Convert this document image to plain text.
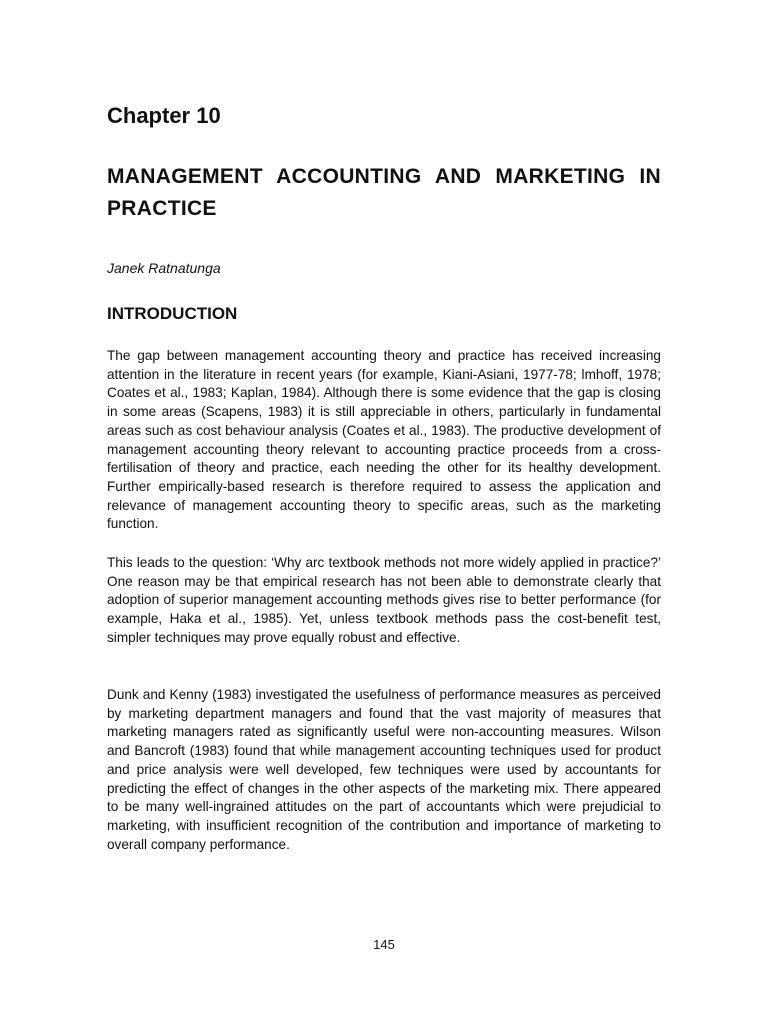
Chapter 10
MANAGEMENT ACCOUNTING AND MARKETING IN PRACTICE

Janek Ratnatunga

INTRODUCTION

The gap between management accounting theory and practice has received increasing attention in the literature in recent years (for example, Kiani-Asiani, 1977-78; lmhoff, 1978; Coates et al., 1983; Kaplan, 1984). Although there is some evidence that the gap is closing in some areas (Scapens, 1983) it is still appreciable in others, particularly in fundamental areas such as cost behaviour analysis (Coates et al., 1983). The productive development of management accounting theory relevant to accounting practice proceeds from a cross-fertilisation of theory and practice, each needing the other for its healthy development. Further empirically-based research is therefore required to assess the application and relevance of management accounting theory to specific areas, such as the marketing function.

This leads to the question: ‘Why arc textbook methods not more widely applied in practice?’ One reason may be that empirical research has not been able to demonstrate clearly that adoption of superior management accounting methods gives rise to better performance (for example, Haka et al., 1985). Yet, unless textbook methods pass the cost-benefit test, simpler techniques may prove equally robust and effective.

Dunk and Kenny (1983) investigated the usefulness of performance measures as perceived by marketing department managers and found that the vast majority of measures that marketing managers rated as significantly useful were non-accounting measures. Wilson and Bancroft (1983) found that while management accounting techniques used for product and price analysis were well developed, few techniques were used by accountants for predicting the effect of changes in the other aspects of the marketing mix. There appeared to be many well-ingrained attitudes on the part of accountants which were prejudicial to marketing, with insufficient recognition of the contribution and importance of marketing to overall company performance.

145
